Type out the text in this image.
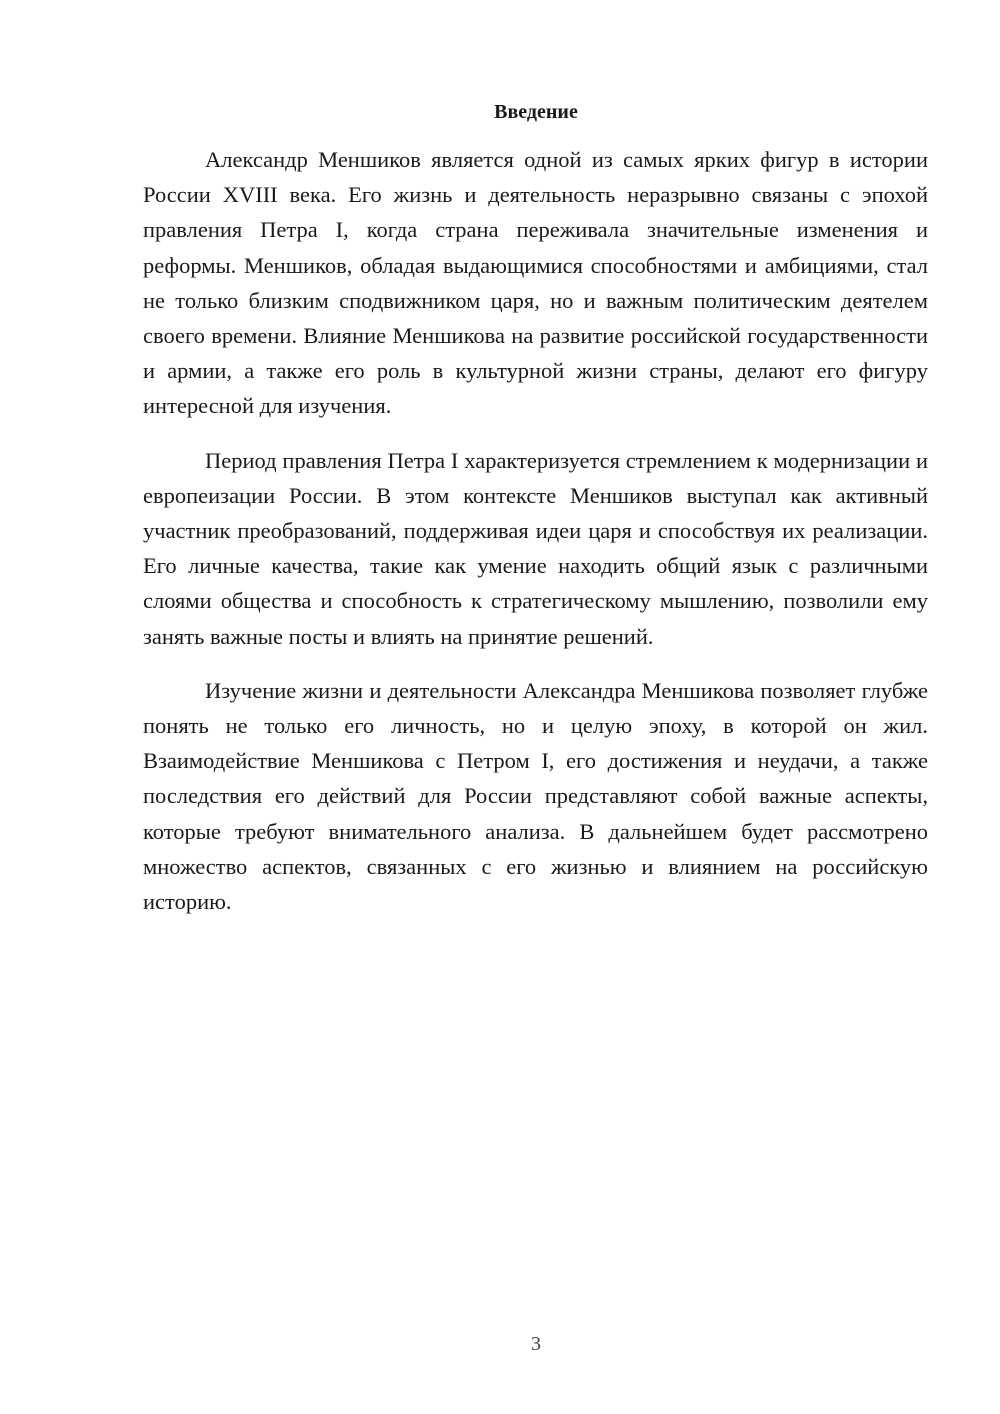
Введение

Александр Меншиков является одной из самых ярких фигур в истории России XVIII века. Его жизнь и деятельность неразрывно связаны с эпохой правления Петра I, когда страна переживала значительные изменения и реформы. Меншиков, обладая выдающимися способностями и амбициями, стал не только близким сподвижником царя, но и важным политическим деятелем своего времени. Влияние Меншикова на развитие российской государственности и армии, а также его роль в культурной жизни страны, делают его фигуру интересной для изучения.

Период правления Петра I характеризуется стремлением к модернизации и европеизации России. В этом контексте Меншиков выступал как активный участник преобразований, поддерживая идеи царя и способствуя их реализации. Его личные качества, такие как умение находить общий язык с различными слоями общества и способность к стратегическому мышлению, позволили ему занять важные посты и влиять на принятие решений.

Изучение жизни и деятельности Александра Меншикова позволяет глубже понять не только его личность, но и целую эпоху, в которой он жил. Взаимодействие Меншикова с Петром I, его достижения и неудачи, а также последствия его действий для России представляют собой важные аспекты, которые требуют внимательного анализа. В дальнейшем будет рассмотрено множество аспектов, связанных с его жизнью и влиянием на российскую историю.

3
